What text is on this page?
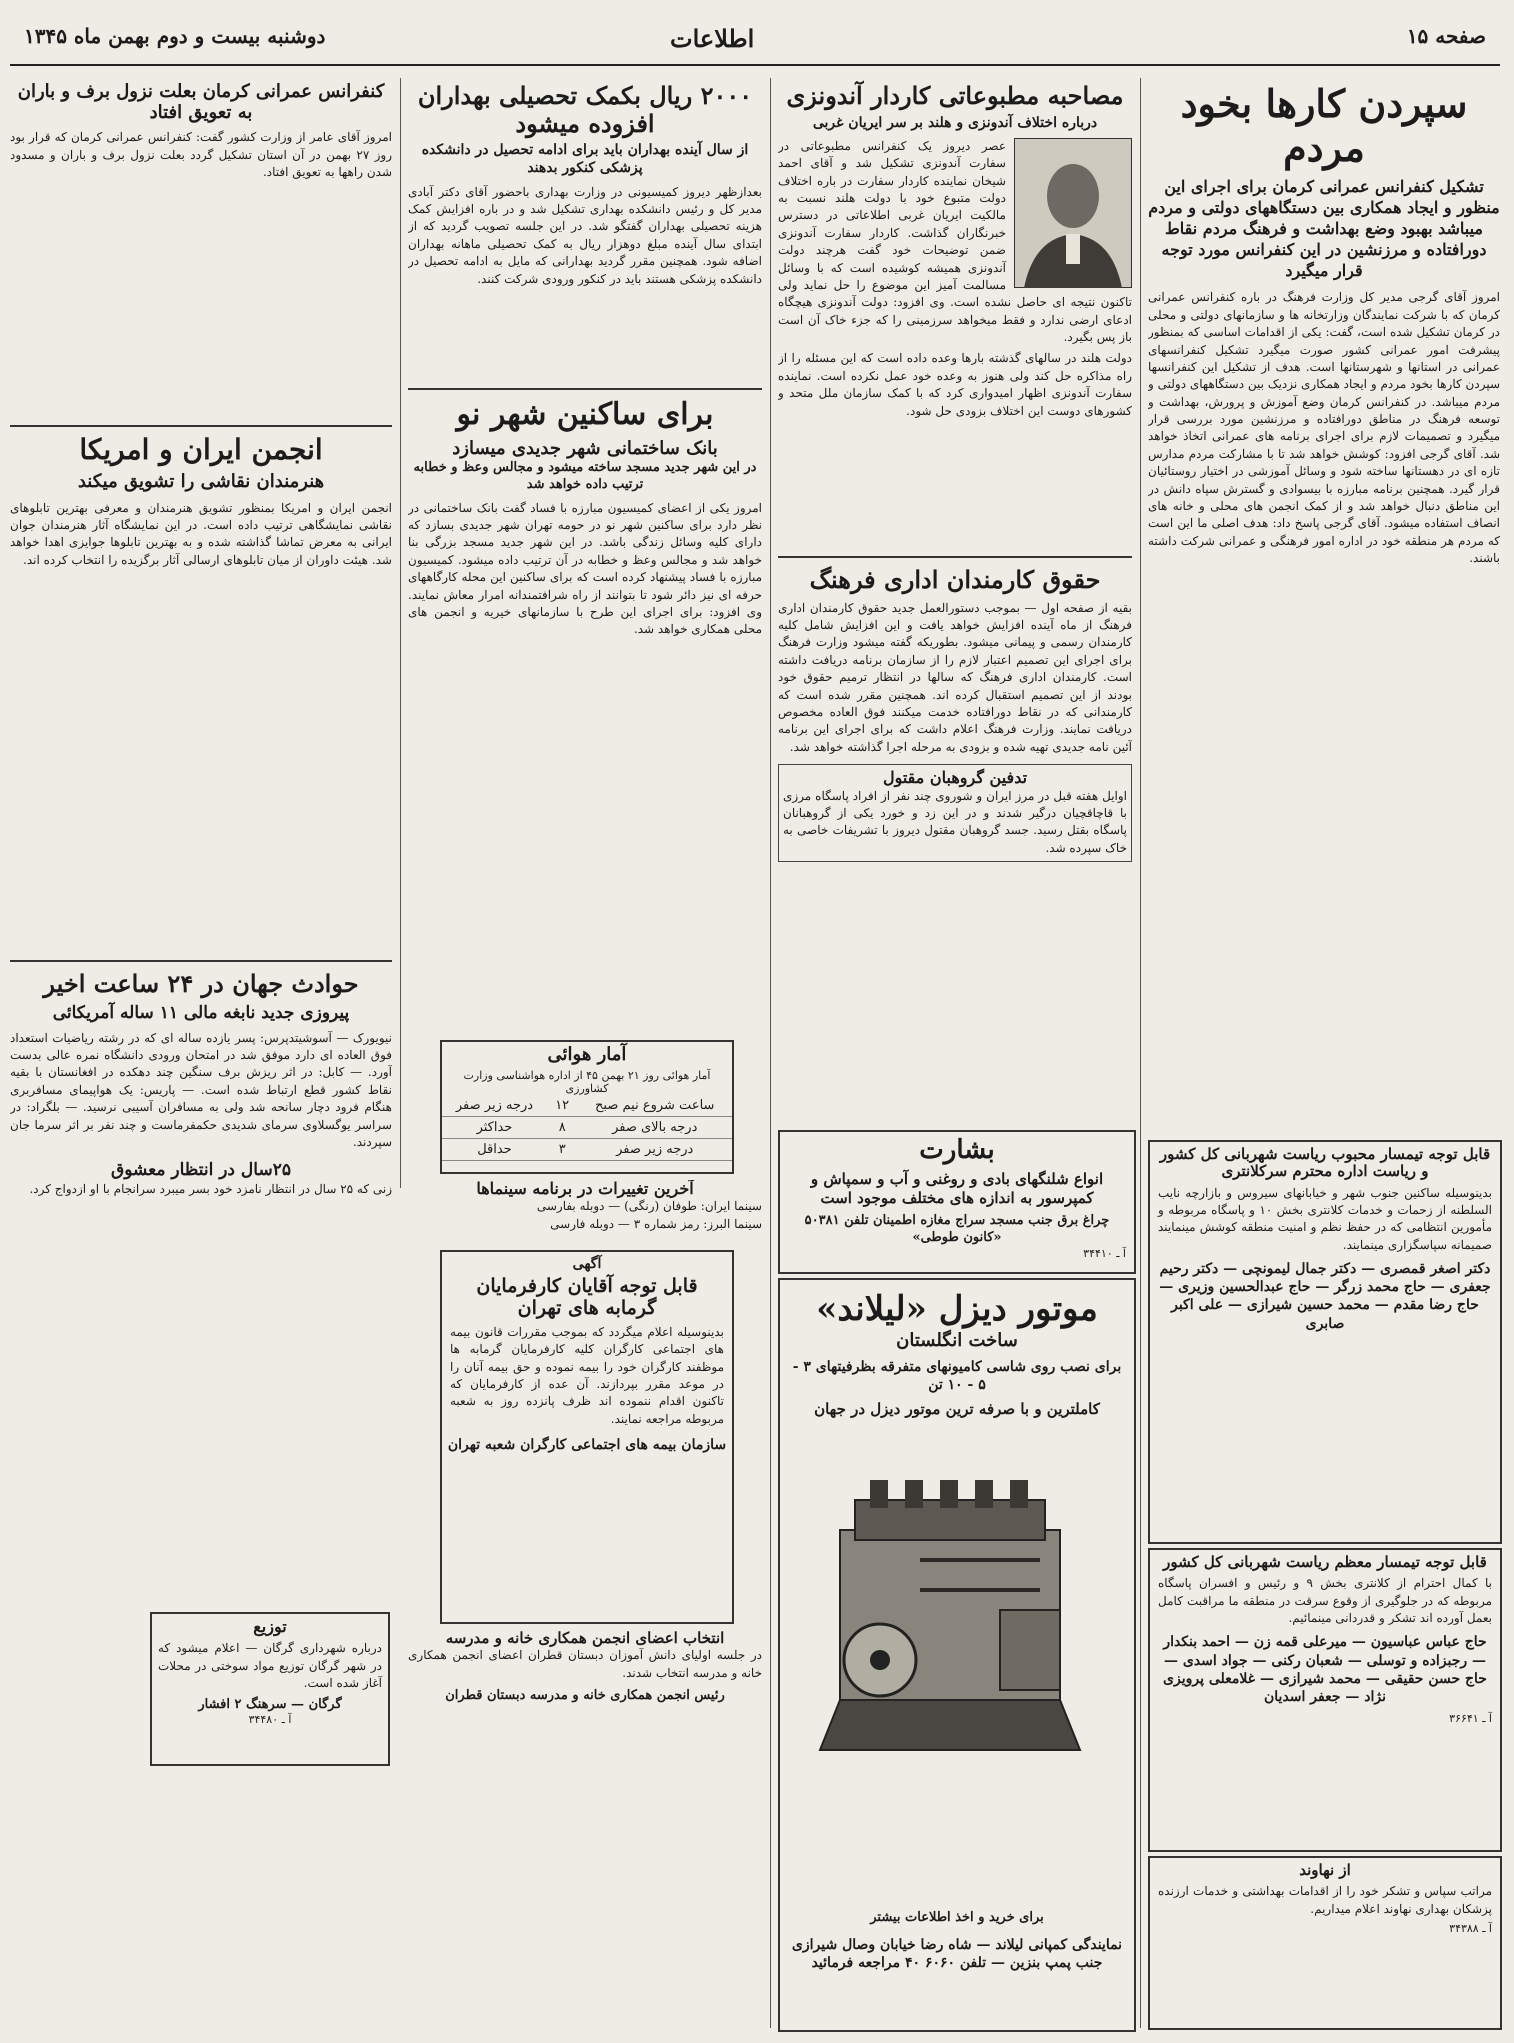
دوشنبه بیست و دوم بهمن ماه ۱۳۴۵	اطلاعات	صفحه ۱۵
سپردن کارها بخود مردم
تشکیل کنفرانس عمرانی کرمان برای اجرای این منظور و ایجاد همکاری بین دستگاههای دولتی و مردم میباشد بهبود وضع بهداشت و فرهنگ مردم نقاط دورافتاده و مرزنشین در این کنفرانس مورد توجه قرار میگیرد
امروز آقای گرجی مدیر کل وزارت فرهنگ در باره کنفرانس عمرانی کرمان که با شرکت نمایندگان وزارتخانه ها و سازمانهای دولتی و محلی در کرمان تشکیل شده است، گفت: یکی از اقدامات اساسی که بمنظور پیشرفت امور عمرانی کشور صورت میگیرد تشکیل کنفرانسهای عمرانی در استانها و شهرستانها است. هدف از تشکیل این کنفرانسها سپردن کارها بخود مردم و ایجاد همکاری نزدیک بین دستگاههای دولتی و مردم میباشد. در کنفرانس کرمان وضع آموزش و پرورش، بهداشت و توسعه فرهنگ در مناطق دورافتاده و مرزنشین مورد بررسی قرار میگیرد و تصمیمات لازم برای اجرای برنامه های عمرانی اتخاذ خواهد شد. آقای گرجی افزود: کوشش خواهد شد تا با مشارکت مردم مدارس تازه ای در دهستانها ساخته شود و وسائل آموزشی در اختیار روستائیان قرار گیرد. همچنین برنامه مبارزه با بیسوادی و گسترش سپاه دانش در این مناطق دنبال خواهد شد و از کمک انجمن های محلی و خانه های انصاف استفاده میشود. آقای گرجی پاسخ داد: هدف اصلی ما این است که مردم هر منطقه خود در اداره امور فرهنگی و عمرانی شرکت داشته باشند.
مصاحبه مطبوعاتی کاردار آندونزی
درباره اختلاف آندونزی و هلند بر سر ایریان غربی
عصر دیروز یک کنفرانس مطبوعاتی در سفارت آندونزی تشکیل شد و آقای احمد شیخان نماینده کاردار سفارت در باره اختلاف دولت متبوع خود با دولت هلند نسبت به مالکیت ایریان غربی اطلاعاتی در دسترس خبرنگاران گذاشت. کاردار سفارت آندونزی ضمن توضیحات خود گفت هرچند دولت آندونزی همیشه کوشیده است که با وسائل مسالمت آمیز این موضوع را حل نماید ولی تاکنون نتیجه ای حاصل نشده است. وی افزود: دولت آندونزی هیچگاه ادعای ارضی ندارد و فقط میخواهد سرزمینی را که جزء خاک آن است باز پس بگیرد.
دولت هلند در سالهای گذشته بارها وعده داده است که این مسئله را از راه مذاکره حل کند ولی هنوز به وعده خود عمل نکرده است. نماینده سفارت آندونزی اظهار امیدواری کرد که با کمک سازمان ملل متحد و کشورهای دوست این اختلاف بزودی حل شود.
حقوق کارمندان اداری فرهنگ
بقیه از صفحه اول — بموجب دستورالعمل جدید حقوق کارمندان اداری فرهنگ از ماه آینده افزایش خواهد یافت و این افزایش شامل کلیه کارمندان رسمی و پیمانی میشود. بطوریکه گفته میشود وزارت فرهنگ برای اجرای این تصمیم اعتبار لازم را از سازمان برنامه دریافت داشته است. کارمندان اداری فرهنگ که سالها در انتظار ترمیم حقوق خود بودند از این تصمیم استقبال کرده اند. همچنین مقرر شده است که کارمندانی که در نقاط دورافتاده خدمت میکنند فوق العاده مخصوص دریافت نمایند. وزارت فرهنگ اعلام داشت که برای اجرای این برنامه آئین نامه جدیدی تهیه شده و بزودی به مرحله اجرا گذاشته خواهد شد.
تدفین گروهبان مقتول
اوایل هفته قبل در مرز ایران و شوروی چند نفر از افراد پاسگاه مرزی با قاچاقچیان درگیر شدند و در این زد و خورد یکی از گروهبانان پاسگاه بقتل رسید. جسد گروهبان مقتول دیروز با تشریفات خاصی به خاک سپرده شد.
۲۰۰۰ ریال بکمک تحصیلی بهداران افزوده میشود
از سال آینده بهداران باید برای ادامه تحصیل در دانشکده پزشکی کنکور بدهند
بعدازظهر دیروز کمیسیونی در وزارت بهداری باحضور آقای دکتر آبادی مدیر کل و رئیس دانشکده بهداری تشکیل شد و در باره افزایش کمک هزینه تحصیلی بهداران گفتگو شد. در این جلسه تصویب گردید که از ابتدای سال آینده مبلغ دوهزار ریال به کمک تحصیلی ماهانه بهداران اضافه شود. همچنین مقرر گردید بهدارانی که مایل به ادامه تحصیل در دانشکده پزشکی هستند باید در کنکور ورودی شرکت کنند.
برای ساکنین شهر نو
بانک ساختمانی شهر جدیدی میسازد
در این شهر جدید مسجد ساخته میشود و مجالس وعظ و خطابه ترتیب داده خواهد شد
امروز یکی از اعضای کمیسیون مبارزه با فساد گفت بانک ساختمانی در نظر دارد برای ساکنین شهر نو در حومه تهران شهر جدیدی بسازد که دارای کلیه وسائل زندگی باشد. در این شهر جدید مسجد بزرگی بنا خواهد شد و مجالس وعظ و خطابه در آن ترتیب داده میشود. کمیسیون مبارزه با فساد پیشنهاد کرده است که برای ساکنین این محله کارگاههای حرفه ای نیز دائر شود تا بتوانند از راه شرافتمندانه امرار معاش نمایند. وی افزود: برای اجرای این طرح با سازمانهای خیریه و انجمن های محلی همکاری خواهد شد.
آمار هوائی
آمار هوائی روز ۲۱ بهمن ۴۵ از اداره هواشناسی وزارت کشاورزی
ساعت شروع نیم صبح	۱۲	درجه زیر صفر
درجه بالای صفر	۸	حداکثر
درجه زیر صفر	۳	حداقل
آخرین تغییرات در برنامه سینماها
سینما ایران: طوفان (رنگی) — دوبله بفارسی
سینما البرز: رمز شماره ۳ — دوبله فارسی
آگهی
قابل توجه آقایان کارفرمایان گرمابه های تهران
بدینوسیله اعلام میگردد که بموجب مقررات قانون بیمه های اجتماعی کارگران کلیه کارفرمایان گرمابه ها موظفند کارگران خود را بیمه نموده و حق بیمه آنان را در موعد مقرر بپردازند. آن عده از کارفرمایان که تاکنون اقدام ننموده اند ظرف پانزده روز به شعبه مربوطه مراجعه نمایند.
سازمان بیمه های اجتماعی کارگران شعبه تهران
انتخاب اعضای انجمن همکاری خانه و مدرسه
در جلسه اولیای دانش آموزان دبستان قطران اعضای انجمن همکاری خانه و مدرسه انتخاب شدند.
رئیس انجمن همکاری خانه و مدرسه دبستان قطران
کنفرانس عمرانی کرمان بعلت نزول برف و باران به تعویق افتاد
امروز آقای عامر از وزارت کشور گفت: کنفرانس عمرانی کرمان که قرار بود روز ۲۷ بهمن در آن استان تشکیل گردد بعلت نزول برف و باران و مسدود شدن راهها به تعویق افتاد.
انجمن ایران و امریکا
هنرمندان نقاشی را تشویق میکند
انجمن ایران و امریکا بمنظور تشویق هنرمندان و معرفی بهترین تابلوهای نقاشی نمایشگاهی ترتیب داده است. در این نمایشگاه آثار هنرمندان جوان ایرانی به معرض تماشا گذاشته شده و به بهترین تابلوها جوایزی اهدا خواهد شد. هیئت داوران از میان تابلوهای ارسالی آثار برگزیده را انتخاب کرده اند.
حوادث جهان در ۲۴ ساعت اخیر
پیروزی جدید نابغه مالی ۱۱ ساله آمریکائی
نیویورک — آسوشیتدپرس: پسر یازده ساله ای که در رشته ریاضیات استعداد فوق العاده ای دارد موفق شد در امتحان ورودی دانشگاه نمره عالی بدست آورد. — کابل: در اثر ریزش برف سنگین چند دهکده در افغانستان با بقیه نقاط کشور قطع ارتباط شده است. — پاریس: یک هواپیمای مسافربری هنگام فرود دچار سانحه شد ولی به مسافران آسیبی نرسید. — بلگراد: در سراسر یوگسلاوی سرمای شدیدی حکمفرماست و چند نفر بر اثر سرما جان سپردند.
۲۵سال در انتظار معشوق
زنی که ۲۵ سال در انتظار نامزد خود بسر میبرد سرانجام با او ازدواج کرد.
توزیع
درباره شهرداری گرگان — اعلام میشود که در شهر گرگان توزیع مواد سوختی در محلات آغاز شده است.
گرگان — سرهنگ ۲ افشار
آ ـ ۳۴۴۸۰
قابل توجه تیمسار محبوب ریاست شهربانی کل کشور و ریاست اداره محترم سرکلانتری
بدینوسیله ساکنین جنوب شهر و خیابانهای سیروس و بازارچه نایب السلطنه از زحمات و خدمات کلانتری بخش ۱۰ و پاسگاه مربوطه و مأمورین انتظامی که در حفظ نظم و امنیت منطقه کوشش مینمایند صمیمانه سپاسگزاری مینمایند.
دکتر اصغر قمصری — دکتر جمال لیمونچی — دکتر رحیم جعفری — حاج محمد زرگر — حاج عبدالحسین وزیری — حاج رضا مقدم — محمد حسین شیرازی — علی اکبر صابری
قابل توجه تیمسار معظم ریاست شهربانی کل کشور
با کمال احترام از کلانتری بخش ۹ و رئیس و افسران پاسگاه مربوطه که در جلوگیری از وقوع سرقت در منطقه ما مراقبت کامل بعمل آورده اند تشکر و قدردانی مینمائیم.
حاج عباس عباسیون — میرعلی قمه زن — احمد بنکدار — رجبزاده و توسلی — شعبان رکنی — جواد اسدی — حاج حسن حقیقی — محمد شیرازی — غلامعلی پرویزی نژاد — جعفر اسدیان
آ ـ ۳۶۶۴۱
از نهاوند
مراتب سپاس و تشکر خود را از اقدامات بهداشتی و خدمات ارزنده پزشکان بهداری نهاوند اعلام میداریم.
آ ـ ۳۴۳۸۸
بشارت
انواع شلنگهای بادی و روغنی و آب و سمپاش و کمپرسور به اندازه های مختلف موجود است
چراغ برق جنب مسجد سراج مغازه اطمینان تلفن ۵۰۳۸۱ «کانون طوطی»
آ ـ ۳۴۴۱۰
موتور دیزل «لیلاند»
ساخت انگلستان
برای نصب روی شاسی کامیونهای متفرقه بظرفیتهای ۳ - ۵ - ۱۰ تن
کاملترین و با صرفه ترین موتور دیزل در جهان
برای خرید و اخذ اطلاعات بیشتر
نمایندگی کمپانی لیلاند — شاه رضا خیابان وصال شیرازی جنب پمپ بنزین — تلفن ۶۰۶۰ ۴۰ مراجعه فرمائید
